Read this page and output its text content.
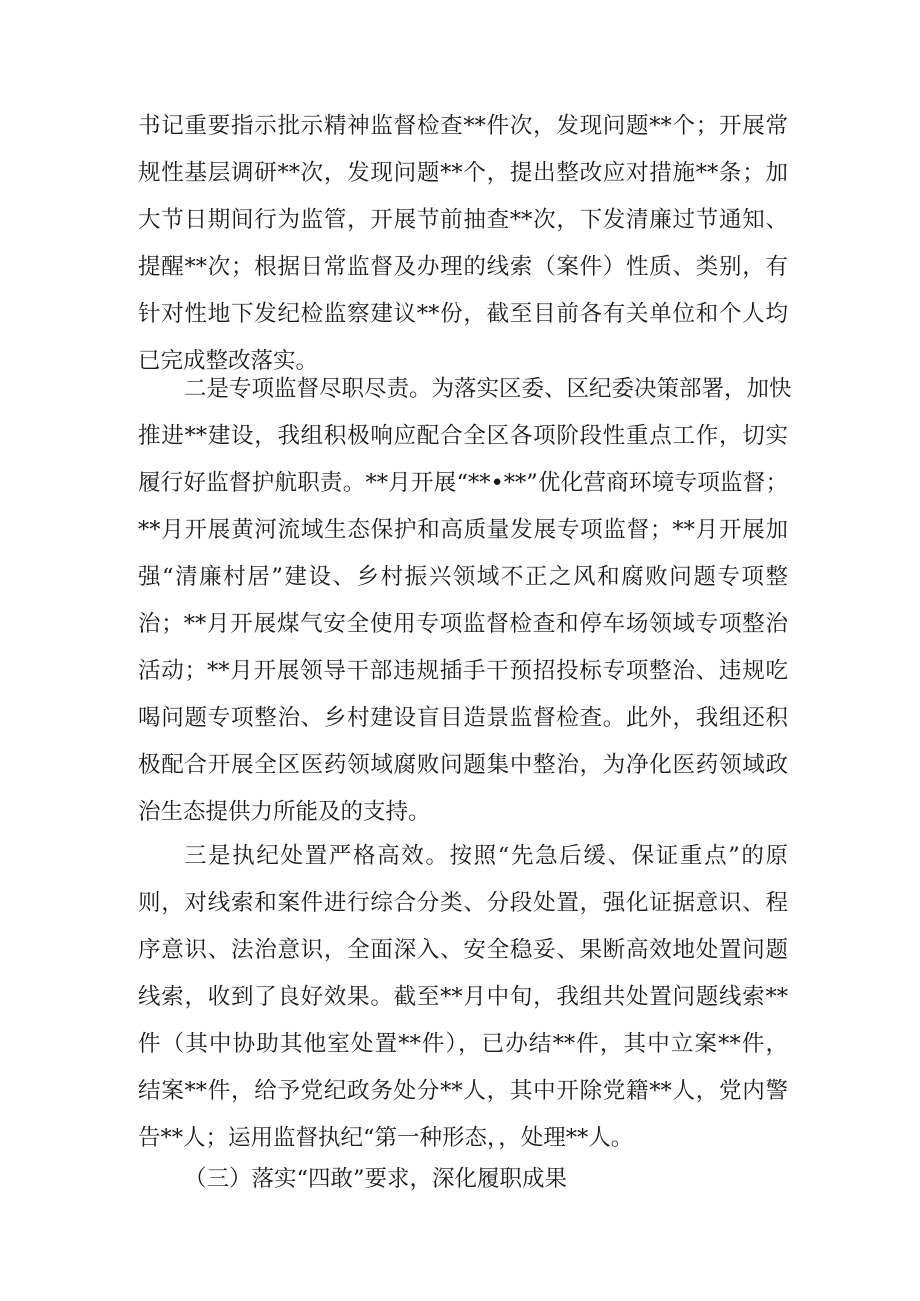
书记重要指示批示精神监督检查**件次，发现问题**个；开展常
规性基层调研**次，发现问题**个，提出整改应对措施**条；加
大节日期间行为监管，开展节前抽查**次，下发清廉过节通知、
提醒**次；根据日常监督及办理的线索（案件）性质、类别，有
针对性地下发纪检监察建议**份，截至目前各有关单位和个人均
已完成整改落实。
二是专项监督尽职尽责。为落实区委、区纪委决策部署，加快
推进**建设，我组积极响应配合全区各项阶段性重点工作，切实
履行好监督护航职责。**月开展“**•**”优化营商环境专项监督；
**月开展黄河流域生态保护和高质量发展专项监督；**月开展加
强“清廉村居”建设、乡村振兴领域不正之风和腐败问题专项整
治；**月开展煤气安全使用专项监督检查和停车场领域专项整治
活动；**月开展领导干部违规插手干预招投标专项整治、违规吃
喝问题专项整治、乡村建设盲目造景监督检查。此外，我组还积
极配合开展全区医药领域腐败问题集中整治，为净化医药领域政
治生态提供力所能及的支持。
三是执纪处置严格高效。按照“先急后缓、保证重点”的原
则，对线索和案件进行综合分类、分段处置，强化证据意识、程
序意识、法治意识，全面深入、安全稳妥、果断高效地处置问题
线索，收到了良好效果。截至**月中旬，我组共处置问题线索**
件（其中协助其他室处置**件），已办结**件，其中立案**件，
结案**件，给予党纪政务处分**人，其中开除党籍**人，党内警
告**人；运用监督执纪“第一种形态，，处理**人。
（三）落实“四敢”要求，深化履职成果
